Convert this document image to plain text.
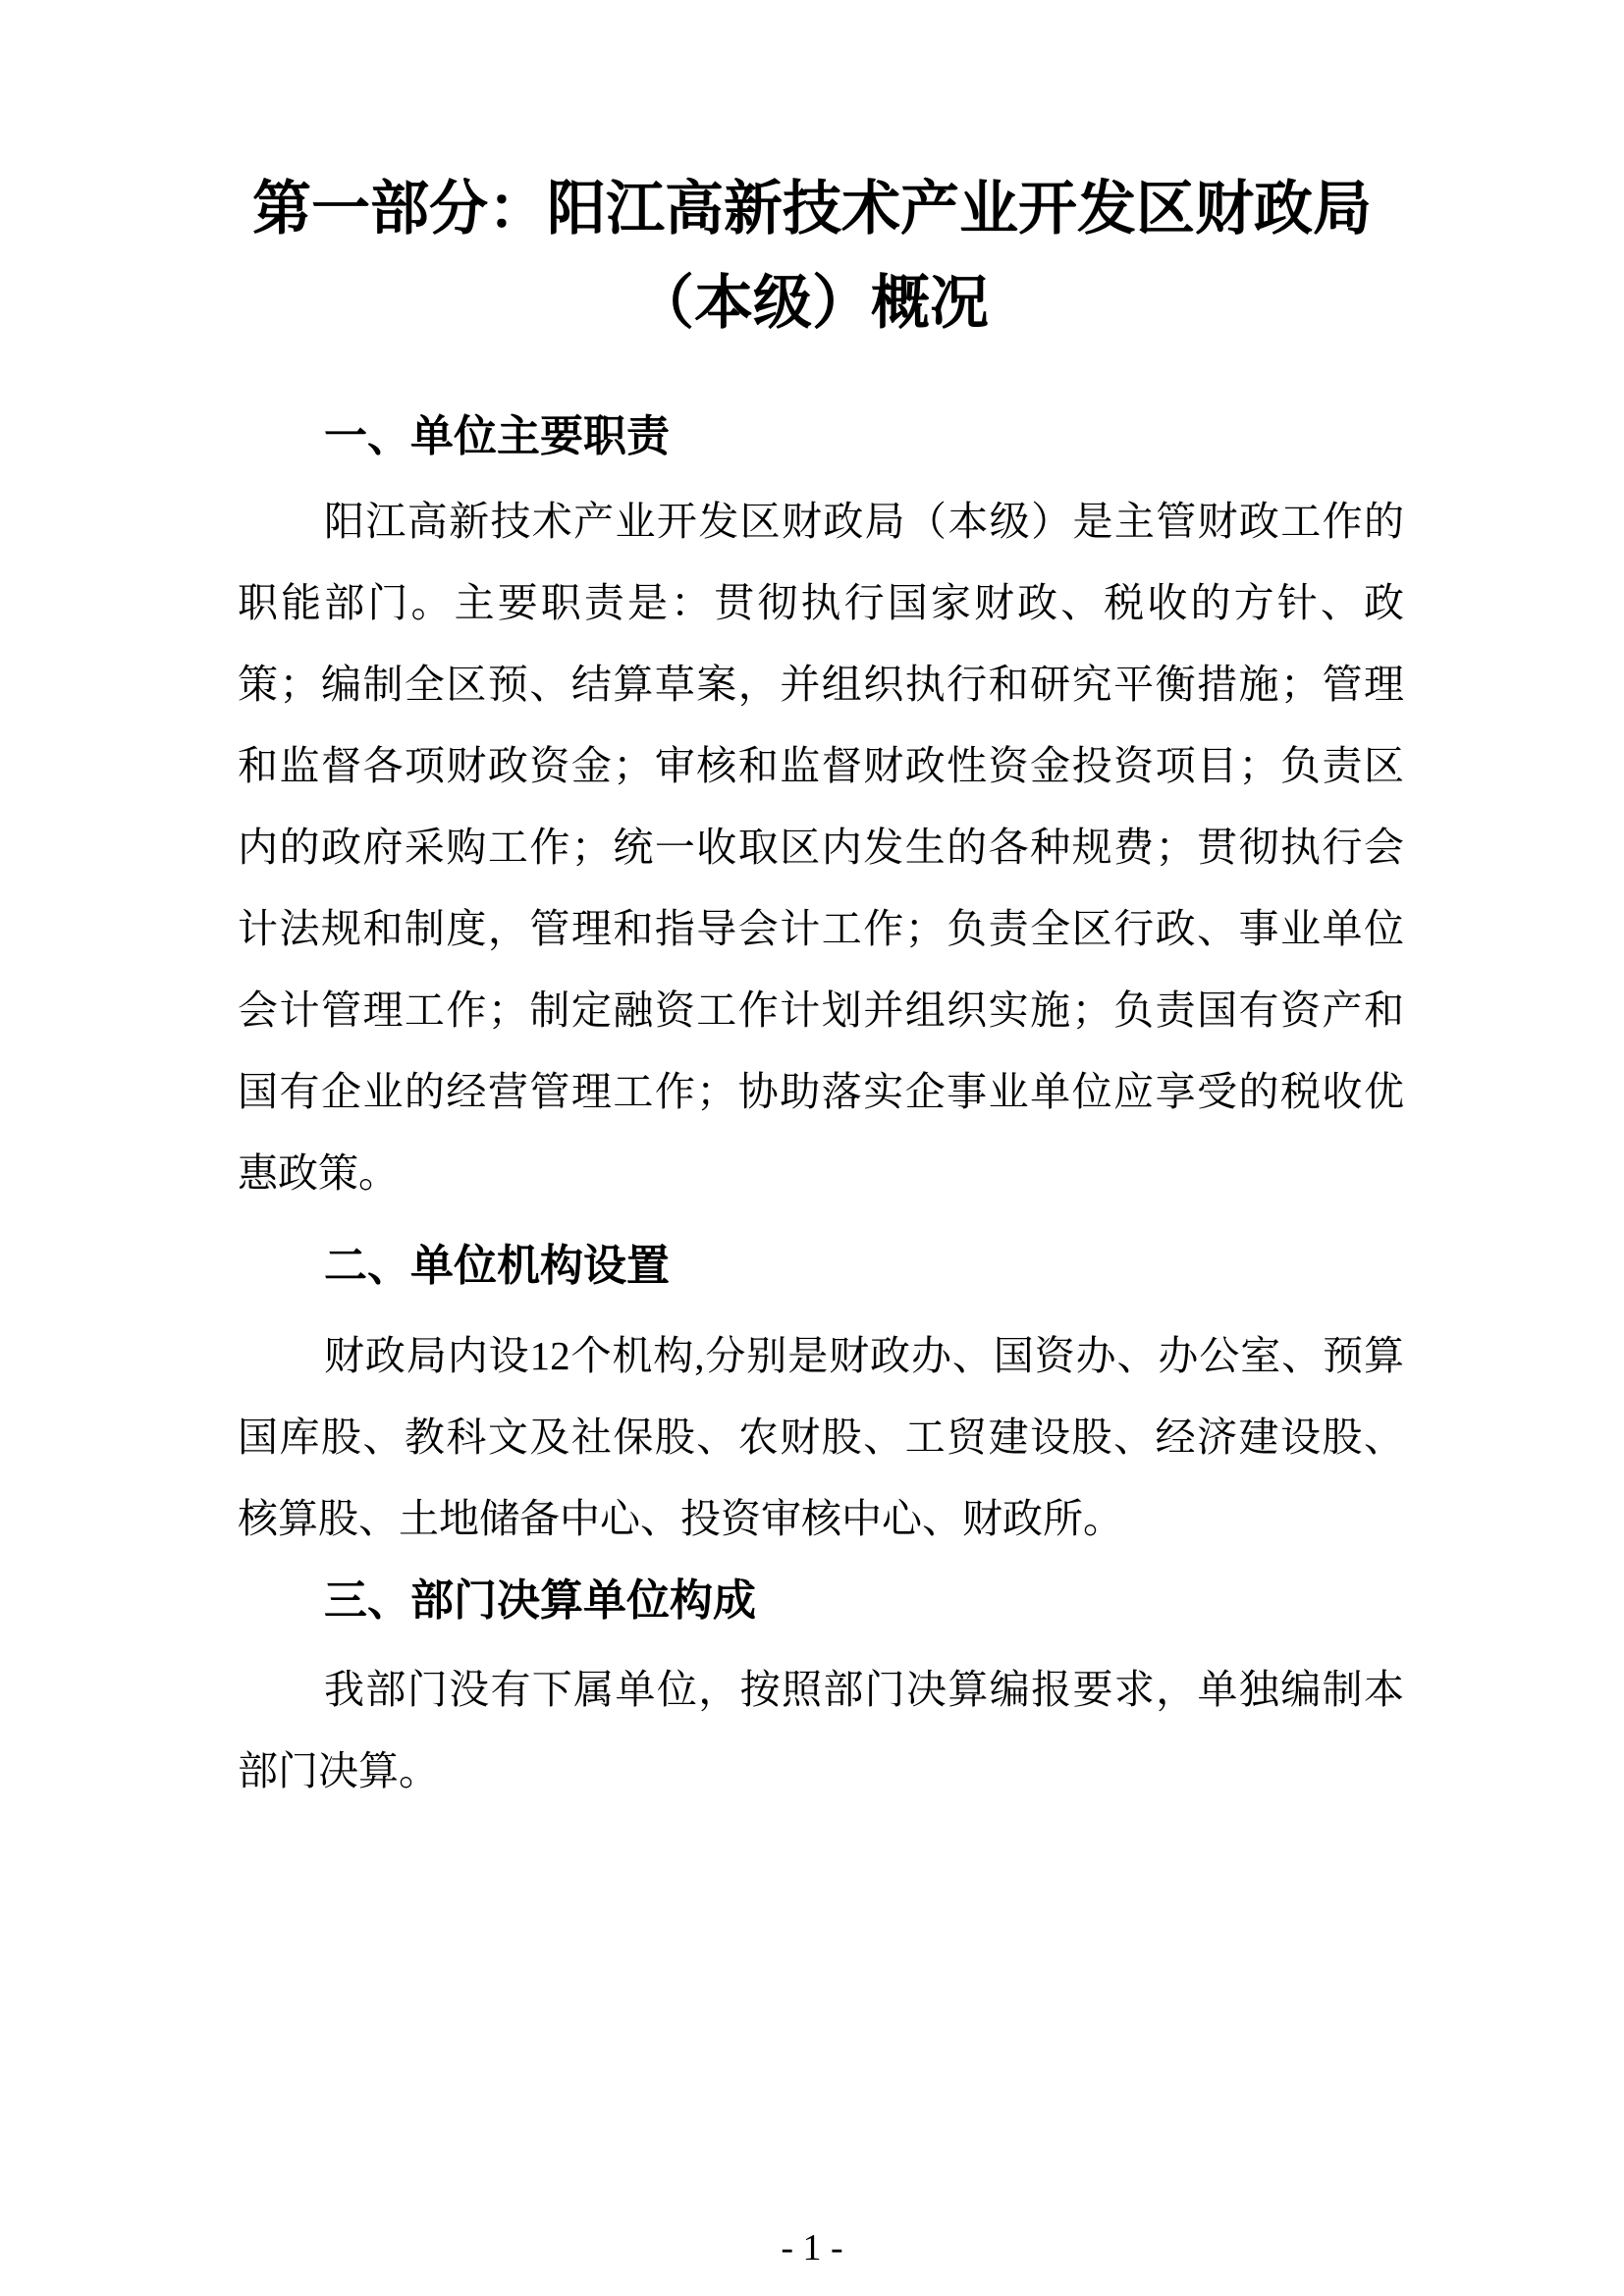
第一部分：阳江高新技术产业开发区财政局
（本级）概况
一、单位主要职责
阳江高新技术产业开发区财政局（本级）是主管财政工作的
职能部门。主要职责是：贯彻执行国家财政、税收的方针、政
策；编制全区预、结算草案，并组织执行和研究平衡措施；管理
和监督各项财政资金；审核和监督财政性资金投资项目；负责区
内的政府采购工作；统一收取区内发生的各种规费；贯彻执行会
计法规和制度，管理和指导会计工作；负责全区行政、事业单位
会计管理工作；制定融资工作计划并组织实施；负责国有资产和
国有企业的经营管理工作；协助落实企事业单位应享受的税收优
惠政策。
二、单位机构设置
财政局内设12个机构,分别是财政办、国资办、办公室、预算
国库股、教科文及社保股、农财股、工贸建设股、经济建设股、
核算股、土地储备中心、投资审核中心、财政所。
三、部门决算单位构成
我部门没有下属单位，按照部门决算编报要求，单独编制本
部门决算。
- 1 -
